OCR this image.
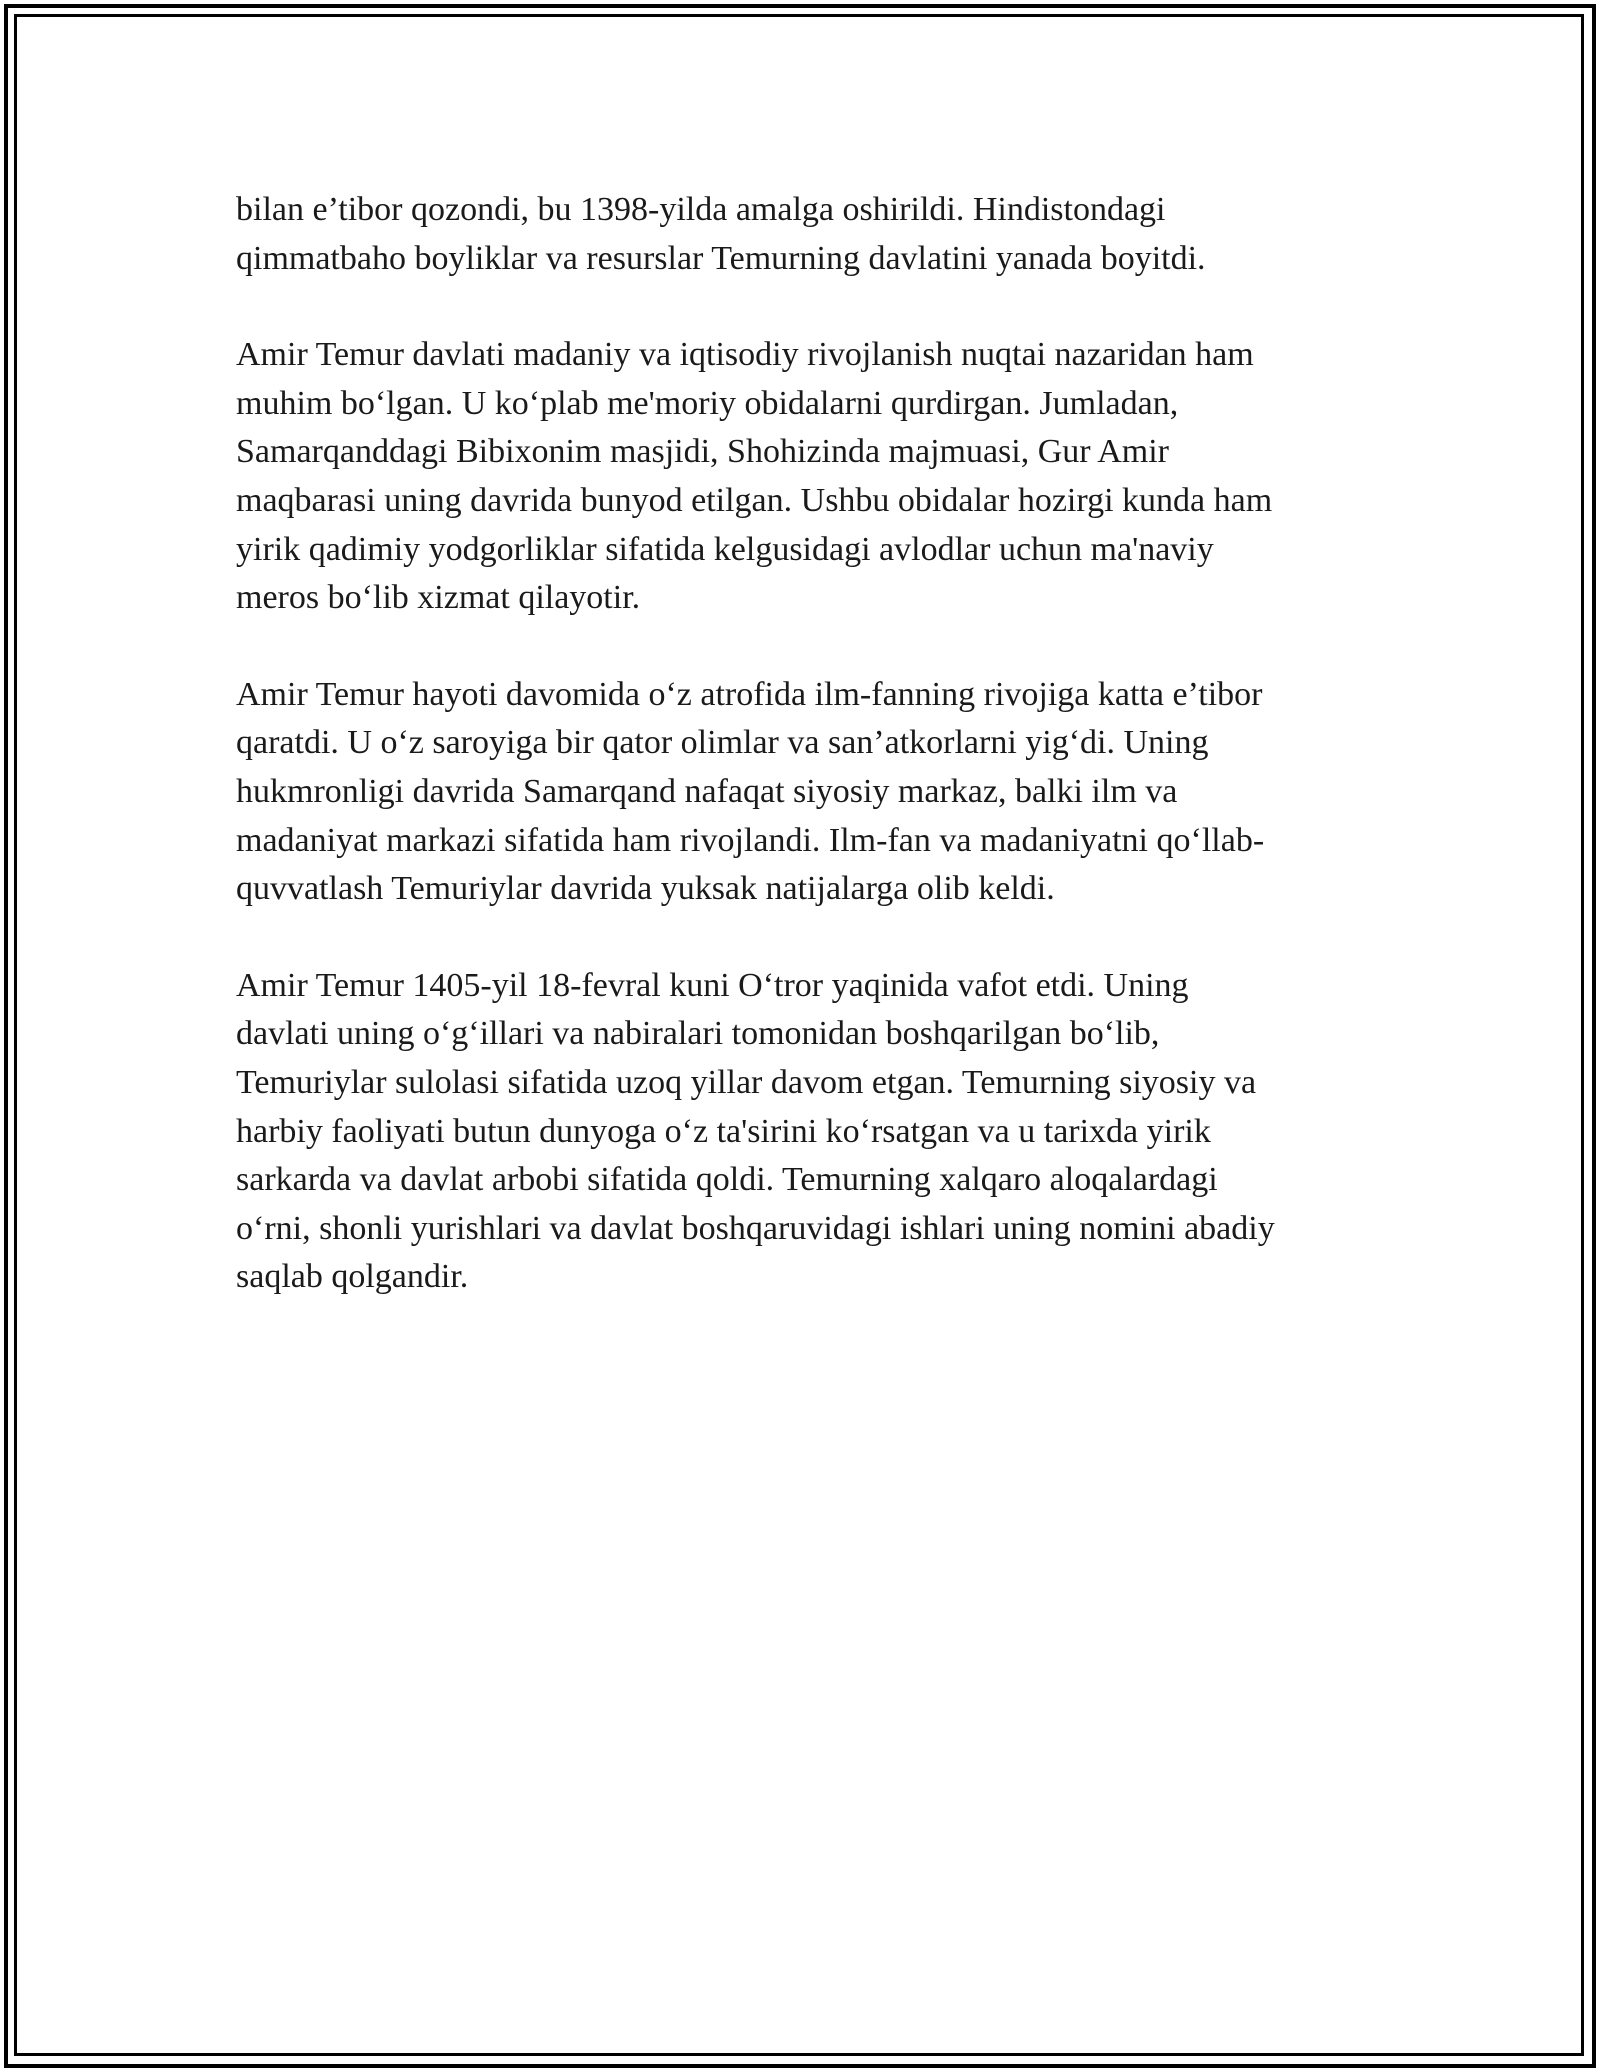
bilan e’tibor qozondi, bu 1398-yilda amalga oshirildi. Hindistondagi
qimmatbaho boyliklar va resurslar Temurning davlatini yanada boyitdi.

Amir Temur davlati madaniy va iqtisodiy rivojlanish nuqtai nazaridan ham
muhim bo‘lgan. U ko‘plab me'moriy obidalarni qurdirgan. Jumladan,
Samarqanddagi Bibixonim masjidi, Shohizinda majmuasi, Gur Amir
maqbarasi uning davrida bunyod etilgan. Ushbu obidalar hozirgi kunda ham
yirik qadimiy yodgorliklar sifatida kelgusidagi avlodlar uchun ma'naviy
meros bo‘lib xizmat qilayotir.

Amir Temur hayoti davomida o‘z atrofida ilm-fanning rivojiga katta e’tibor
qaratdi. U o‘z saroyiga bir qator olimlar va san’atkorlarni yig‘di. Uning
hukmronligi davrida Samarqand nafaqat siyosiy markaz, balki ilm va
madaniyat markazi sifatida ham rivojlandi. Ilm-fan va madaniyatni qo‘llab-
quvvatlash Temuriylar davrida yuksak natijalarga olib keldi.

Amir Temur 1405-yil 18-fevral kuni O‘tror yaqinida vafot etdi. Uning
davlati uning o‘g‘illari va nabiralari tomonidan boshqarilgan bo‘lib,
Temuriylar sulolasi sifatida uzoq yillar davom etgan. Temurning siyosiy va
harbiy faoliyati butun dunyoga o‘z ta'sirini ko‘rsatgan va u tarixda yirik
sarkarda va davlat arbobi sifatida qoldi. Temurning xalqaro aloqalardagi
o‘rni, shonli yurishlari va davlat boshqaruvidagi ishlari uning nomini abadiy
saqlab qolgandir.
